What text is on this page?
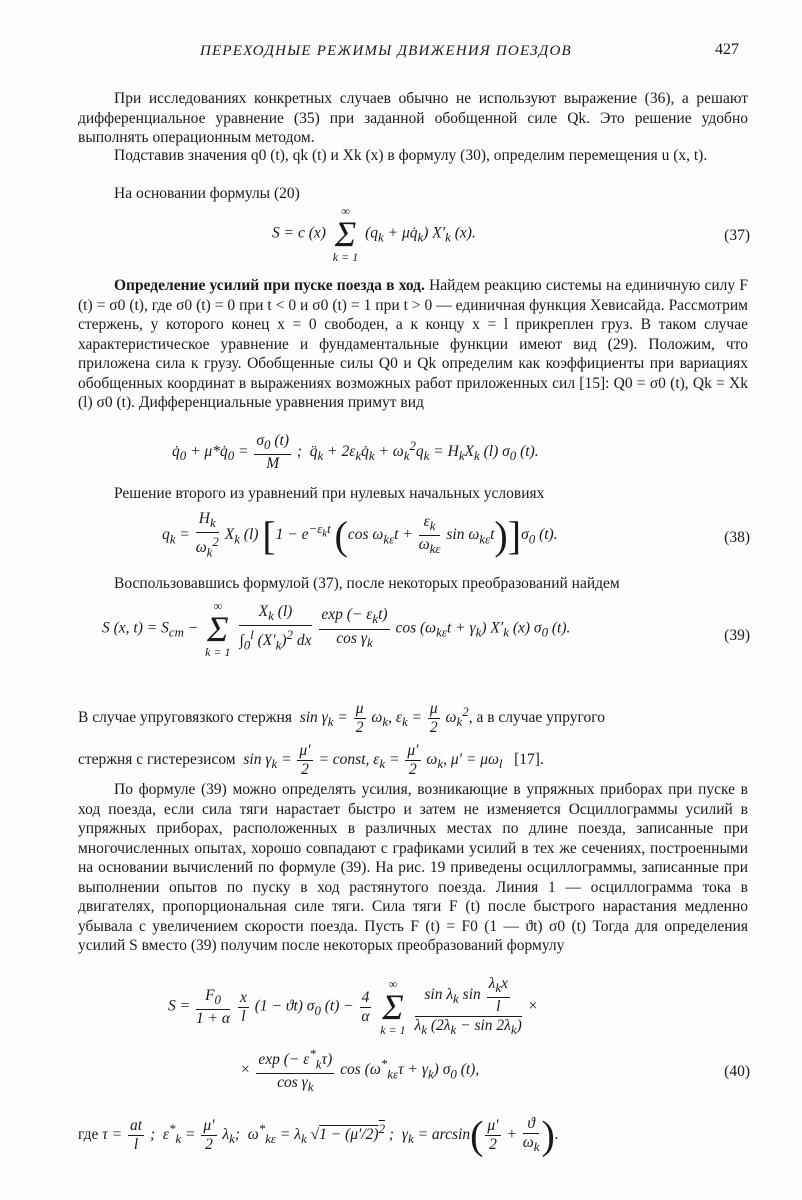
ПЕРЕХОДНЫЕ РЕЖИМЫ ДВИЖЕНИЯ ПОЕЗДОВ	427
При исследованиях конкретных случаев обычно не используют выражение (36), а решают дифференциальное уравнение (35) при заданной обобщенной силе Qk. Это решение удобно выполнять операционным методом.
Подставив значения q0 (t), qk (t) и Xk (x) в формулу (30), определим перемещения u (x, t).
На основании формулы (20)
S = c (x)
∞
Σ
k = 1
($q_k$ + $\mu q̇_k$) $X'_k$ (x).	(37)
Определение усилий при пуске поезда в ход. Найдем реакцию системы на единичную силу F (t) = σ0 (t), где σ0 (t) = 0 при t < 0 и σ0 (t) = 1 при t > 0 — единичная функция Хевисайда. Рассмотрим стержень, у которого конец x = 0 свободен, а к концу x = l прикреплен груз. В таком случае характеристическое уравнение и фундаментальные функции имеют вид (29). Положим, что приложена сила к грузу. Обобщенные силы Q0 и Qk определим как коэффициенты при вариациях обобщенных координат в выражениях возможных работ приложенных сил [15]: Q0 = σ0 (t), Qk = Xk (l) σ0 (t). Дифференциальные уравнения примут вид
$q̇_0$ + $\mu*q̇_0 = \frac{\sigma_0 (t)}{M}$ ;  $q̈_k$ + $2\varepsilon_kq̇_k + \omega_k^2q_k = H_kX_k$ (l) $\sigma_0$ (t).
Решение второго из уравнений при нулевых начальных условиях
$q_k = \frac{H_k}{\omega_k^2} X_k$ (l) [$1 - e^{-\varepsilon_kt}$ (cos $\omega_{k\varepsilon}t + \frac{\varepsilon_k}{\omega_{k\varepsilon}}$ $\sin \omega_{k\varepsilon}t)]\sigma_0$ (t).	(38)
Воспользовавшись формулой (37), после некоторых преобразований найдем
S (x, $t) = S_{ст}$ −
∞
Σ
k = 1
$\frac{X_k (l)}{\int_0^l (X'_k)^2 dx}$
$\frac{\exp (- \varepsilon_kt)}{\cos \gamma_k}$ $\cos (\omega_{k\varepsilon}t + \gamma_k)$ $X'_k$ (x) $\sigma_0$ (t).	(39)
В случае упруговязкого стержня  $\sin \gamma_k = \frac{\mu}{2} \omega_k$, $\varepsilon_k = \frac{\mu}{2} \omega_k^2$, а в случае упругого
стержня с гистерезисом  $\sin \gamma_k = \frac{\mu'}{2}$ = const, $\varepsilon_k = \frac{\mu'}{2} \omega_k$, $\mu' = \mu\omega_l$ [17].
По формуле (39) можно определять усилия, возникающие в упряжных приборах при пуске в ход поезда, если сила тяги нарастает быстро и затем не изменяется Осциллограммы усилий в упряжных приборах, расположенных в различных местах по длине поезда, записанные при многочисленных опытах, хорошо совпадают с графиками усилий в тех же сечениях, построенными на основании вычислений по формуле (39). На рис. 19 приведены осциллограммы, записанные при выполнении опытов по пуску в ход растянутого поезда. Линия 1 — осциллограмма тока в двигателях, пропорциональная силе тяги. Сила тяги F (t) после быстрого нарастания медленно убывала с увеличением скорости поезда. Пусть F (t) = F0 (1 — ϑt) σ0 (t) Тогда для определения усилий S вместо (39) получим после некоторых преобразований формулу
$S = \frac{F_0}{1 + \alpha}$
$\frac{x}{l} (1 - ϑt)$ $\sigma_0$ $(t) - \frac{4}{\alpha}$

∞
Σ
k = 1
$\frac{\sin \lambda_k \sin \frac{\lambda_kx}{l}}{\lambda_k (2\lambda_k - \sin 2\lambda_k)}$ ×
× $\frac{\exp (- \varepsilon^*_k\tau)}{\cos \gamma_k}$ $\cos (\omega^*_{k\varepsilon}\tau + \gamma_k)$ $\sigma_0$ (t),	(40)
где $\tau = \frac{at}{l}$ ;  $\varepsilon^*_k = \frac{\mu'}{2} \lambda_k$;  $\omega^*_{k\varepsilon} = \lambda_k$ $√1 - (\mu'/2)^2$ ;  $\gamma_k = \arcsin( \frac{\mu'}{2} + \frac{ϑ}{\omega_k}$ ).
